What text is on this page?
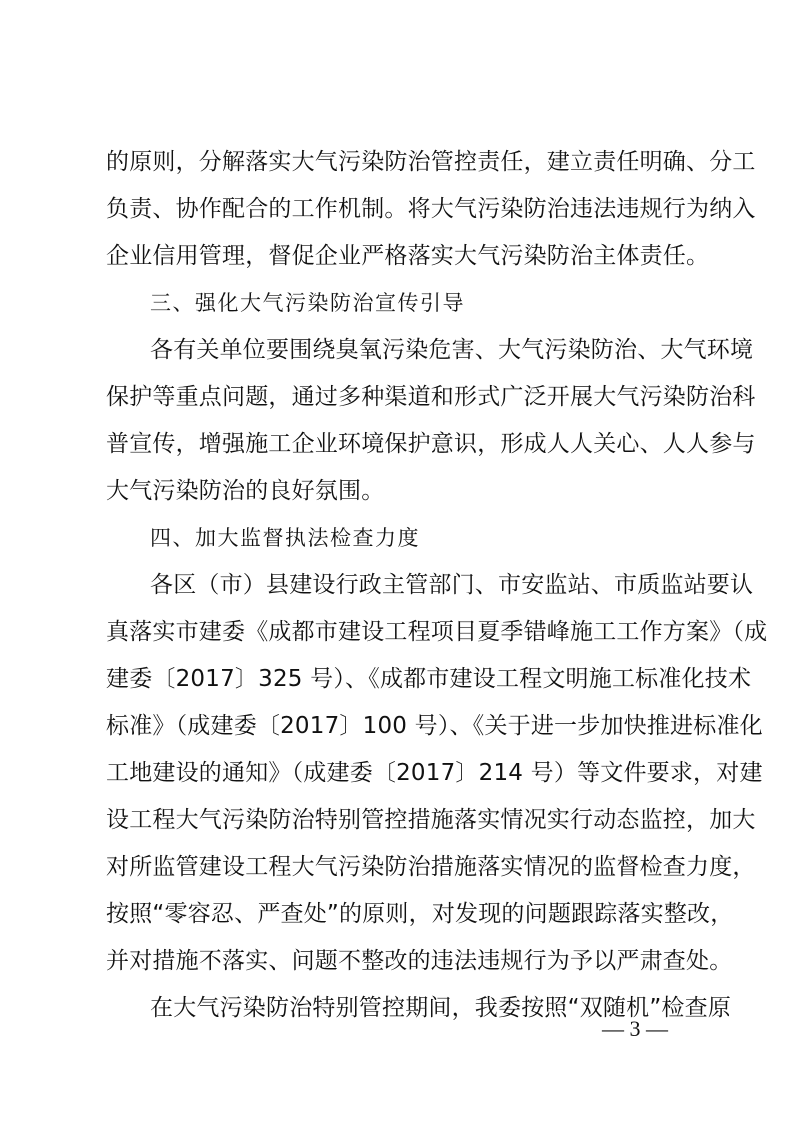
的原则，分解落实大气污染防治管控责任，建立责任明确、分工
负责、协作配合的工作机制。将大气污染防治违法违规行为纳入
企业信用管理，督促企业严格落实大气污染防治主体责任。
三、强化大气污染防治宣传引导
各有关单位要围绕臭氧污染危害、大气污染防治、大气环境
保护等重点问题，通过多种渠道和形式广泛开展大气污染防治科
普宣传，增强施工企业环境保护意识，形成人人关心、人人参与
大气污染防治的良好氛围。
四、加大监督执法检查力度
各区（市）县建设行政主管部门、市安监站、市质监站要认
真落实市建委《成都市建设工程项目夏季错峰施工工作方案》（成
建委〔2017〕325 号）、《成都市建设工程文明施工标准化技术
标准》（成建委〔2017〕100 号）、《关于进一步加快推进标准化
工地建设的通知》（成建委〔2017〕214 号）等文件要求，对建
设工程大气污染防治特别管控措施落实情况实行动态监控，加大
对所监管建设工程大气污染防治措施落实情况的监督检查力度，
按照“零容忍、严查处”的原则，对发现的问题跟踪落实整改，
并对措施不落实、问题不整改的违法违规行为予以严肃查处。
— 3 —
在大气污染防治特别管控期间，我委按照“双随机”检查原
